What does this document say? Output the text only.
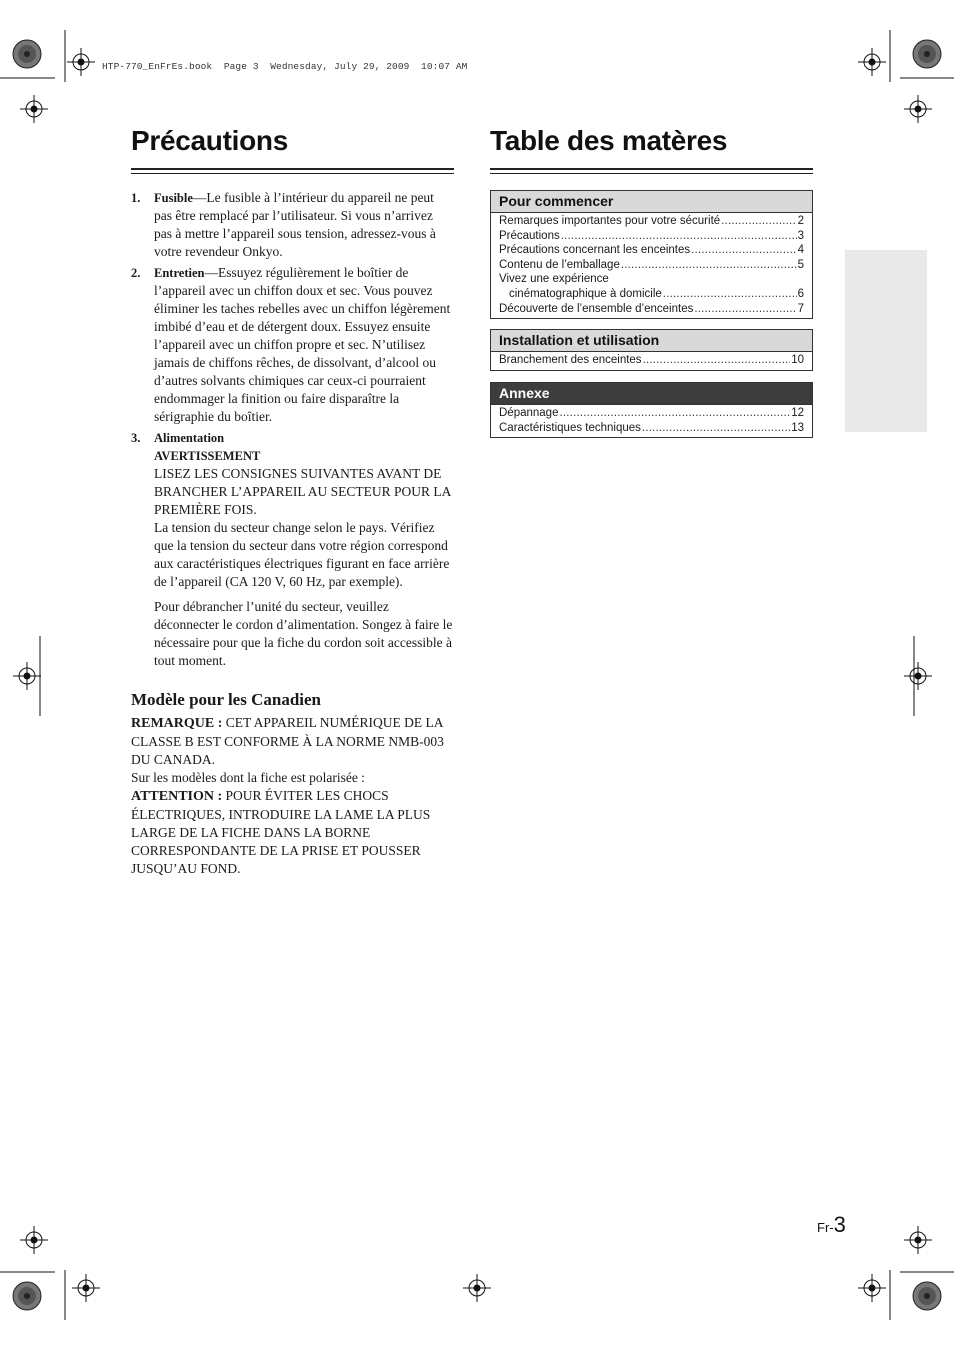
HTP-770_EnFrEs.book  Page 3  Wednesday, July 29, 2009  10:07 AM
Précautions	Table des matères
1. Fusible—Le fusible à l’intérieur du appareil ne peut pas être remplacé par l’utilisateur. Si vous n’arrivez pas à mettre l’appareil sous tension, adressez-vous à votre revendeur Onkyo.

2. Entretien—Essuyez régulièrement le boîtier de l’appareil avec un chiffon doux et sec. Vous pouvez éliminer les taches rebelles avec un chiffon légèrement imbibé d’eau et de détergent doux. Essuyez ensuite l’appareil avec un chiffon propre et sec. N’utilisez jamais de chiffons rêches, de dissolvant, d’alcool ou d’autres solvants chimiques car ceux-ci pourraient endommager la finition ou faire disparaître la sérigraphie du boîtier.

3. Alimentation

AVERTISSEMENT

LISEZ LES CONSIGNES SUIVANTES AVANT DE BRANCHER L’APPAREIL AU SECTEUR POUR LA PREMIÈRE FOIS.

La tension du secteur change selon le pays. Vérifiez que la tension du secteur dans votre région correspond aux caractéristiques électriques figurant en face arrière de l’appareil (CA 120 V, 60 Hz, par exemple).

Pour débrancher l’unité du secteur, veuillez déconnecter le cordon d’alimentation. Songez à faire le nécessaire pour que la fiche du cordon soit accessible à tout moment.

Modèle pour les Canadien

REMARQUE : CET APPAREIL NUMÉRIQUE DE LA CLASSE B EST CONFORME À LA NORME NMB-003 DU CANADA.

Sur les modèles dont la fiche est polarisée :

ATTENTION : POUR ÉVITER LES CHOCS ÉLECTRIQUES, INTRODUIRE LA LAME LA PLUS LARGE DE LA FICHE DANS LA BORNE CORRESPONDANTE DE LA PRISE ET POUSSER JUSQU’AU FOND.

Pour commencer
Remarques importantes pour votre sécurité .....	2
Précautions .....	3
Précautions concernant les enceintes .....	4
Contenu de l’emballage .....	5
Vivez une expérience
cinématographique à domicile .....	6
Découverte de l’ensemble d’enceintes .....	7
Installation et utilisation
Branchement des enceintes .....	10
Annexe
Dépannage .....	12
Caractéristiques techniques .....	13
Fr-3
